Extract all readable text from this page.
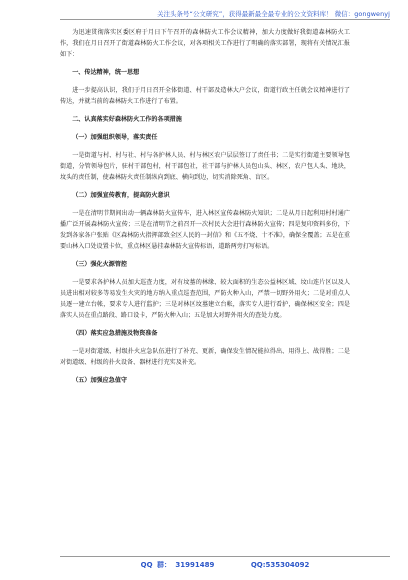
关注头条号“公文研究”，获得最新最全最专业的公文资料库！ 微信：gongwenyj

为迅速贯彻落实区委区府于月日下午召开的森林防火工作会议精神，加大力度做好我街道森林防火工作，我们在月日召开了街道森林防火工作会议，对各项相关工作进行了明确的落实部署，现将有关情况汇报如下：

一、传达精神，统一思想

进一步提高认识，我们于月日召开全体街道、村干部及造林大户会议，街道行政主任就会议精神进行了传达，并就当前的森林防火工作进行了布置。

二、认真落实好森林防火工作的各项措施

（一）加强组织领导，落实责任

一是街道与村、村与社、村与各护林人员、村与林区农户层层签订了责任书；二是实行街道主要领导包街道，分管领导包片，驻村干部包村，村干部包社，社干部与护林人员包山头、林区，农户包人头、地块，坟头的责任制，使森林防火责任制纵向到底、横向到边，切实消除死角、盲区。

（二）加强宣传教育，提高防火意识

一是在清明节期间出动一辆森林防火宣传车，进入林区宣传森林防火知识；二是从月日起利用村村通广播广泛开展森林防火宣传；三是在清明节之前召开一次村民大会进行森林防火宣传；四是复印资料多份，下发到各家各户张贴《区森林防火指挥部致全区人民的一封信》和《五不烧、十不准》，确保全覆盖；五是在重要山林入口处设置卡位，重点林区悬挂森林防火宣传标语，道路两旁打写标语。

（三）强化火源管控

一是要求各护林人员加大巡查力度，对有坟墓的林缘、较大面积的生态公益林区域、坟山连片区以及人员进出相对较多等易发生火灾的地方纳入重点巡查范围，严防火种入山，严禁一切野外用火；二是对重点人员逐一建立台帐，要求专人进行监护；三是对林区坟墓建立台帐，落实专人进行看护，确保林区安全；四是落实人员在重点路段、路口设卡，严防火种入山；五是加大对野外用火的查处力度。

（四）落实应急措施及物资准备

一是对街道级、村级扑火应急队伍进行了补充、更新，确保发生情况能拉得出、用得上、战得胜；二是对街道级、村级的扑火设备、器材进行充实及补充。

（五）加强应急值守

QQ 群： 31991489	QQ:535304092
